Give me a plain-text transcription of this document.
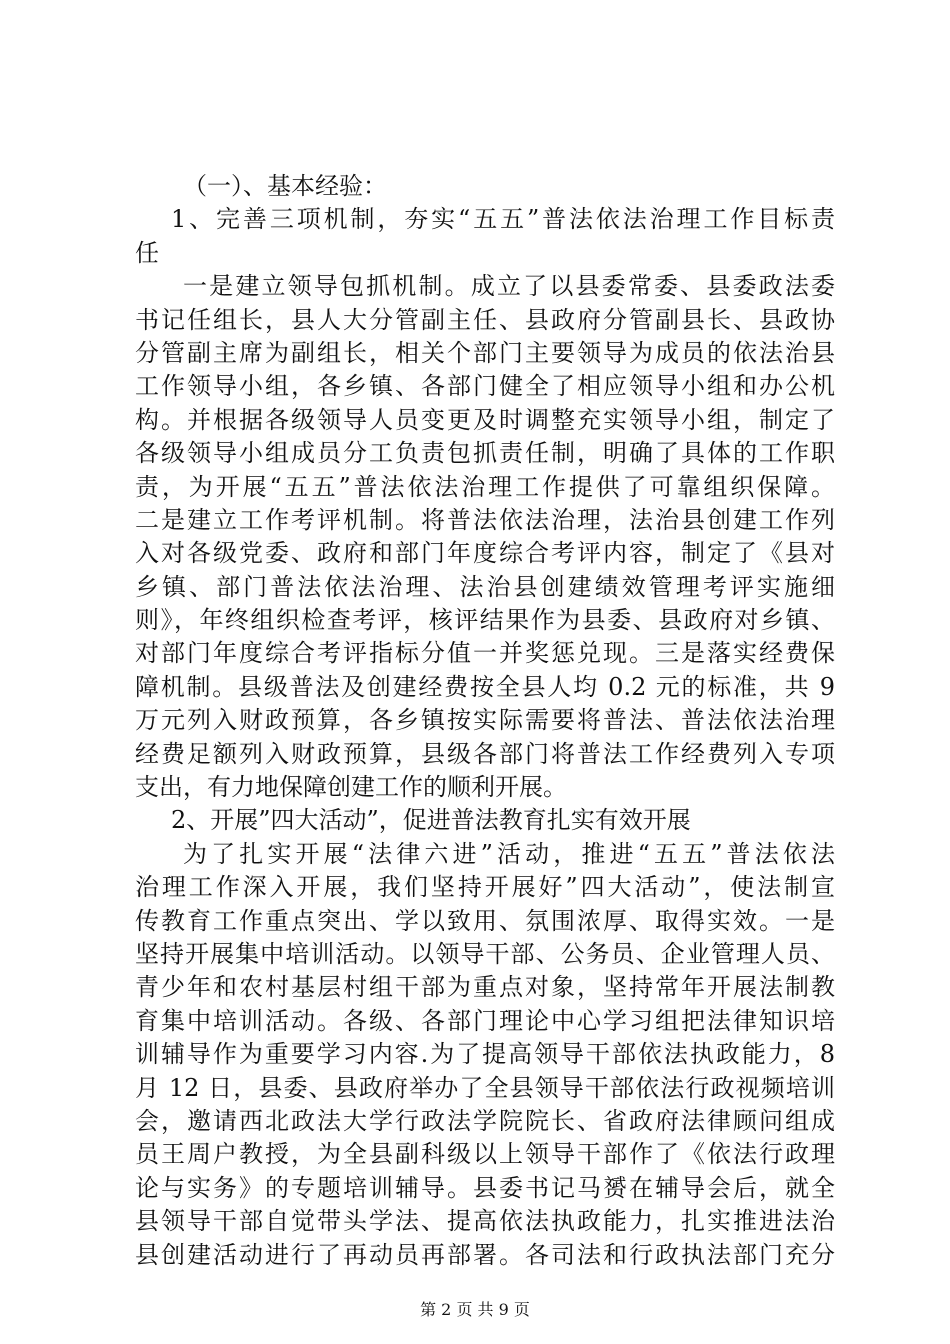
（一）、基本经验：
1、完善三项机制，夯实“五五”普法依法治理工作目标责
任
一是建立领导包抓机制。成立了以县委常委、县委政法委
书记任组长，县人大分管副主任、县政府分管副县长、县政协
分管副主席为副组长，相关个部门主要领导为成员的依法治县
工作领导小组，各乡镇、各部门健全了相应领导小组和办公机
构。并根据各级领导人员变更及时调整充实领导小组，制定了
各级领导小组成员分工负责包抓责任制，明确了具体的工作职
责，为开展“五五”普法依法治理工作提供了可靠组织保障。
二是建立工作考评机制。将普法依法治理，法治县创建工作列
入对各级党委、政府和部门年度综合考评内容，制定了《县对
乡镇、部门普法依法治理、法治县创建绩效管理考评实施细
则》，年终组织检查考评，核评结果作为县委、县政府对乡镇、
对部门年度综合考评指标分值一并奖惩兑现。三是落实经费保
障机制。县级普法及创建经费按全县人均 0.2 元的标准，共 9
万元列入财政预算，各乡镇按实际需要将普法、普法依法治理
经费足额列入财政预算，县级各部门将普法工作经费列入专项
支出，有力地保障创建工作的顺利开展。
2、开展”四大活动”，促进普法教育扎实有效开展
为了扎实开展“法律六进”活动，推进“五五”普法依法
治理工作深入开展，我们坚持开展好”四大活动”，使法制宣
传教育工作重点突出、学以致用、氛围浓厚、取得实效。一是
坚持开展集中培训活动。以领导干部、公务员、企业管理人员、
青少年和农村基层村组干部为重点对象，坚持常年开展法制教
育集中培训活动。各级、各部门理论中心学习组把法律知识培
训辅导作为重要学习内容.为了提高领导干部依法执政能力，8
月 12 日，县委、县政府举办了全县领导干部依法行政视频培训
会，邀请西北政法大学行政法学院院长、省政府法律顾问组成
员王周户教授，为全县副科级以上领导干部作了《依法行政理
论与实务》的专题培训辅导。县委书记马赟在辅导会后，就全
县领导干部自觉带头学法、提高依法执政能力，扎实推进法治
县创建活动进行了再动员再部署。各司法和行政执法部门充分
第 2 页 共 9 页
